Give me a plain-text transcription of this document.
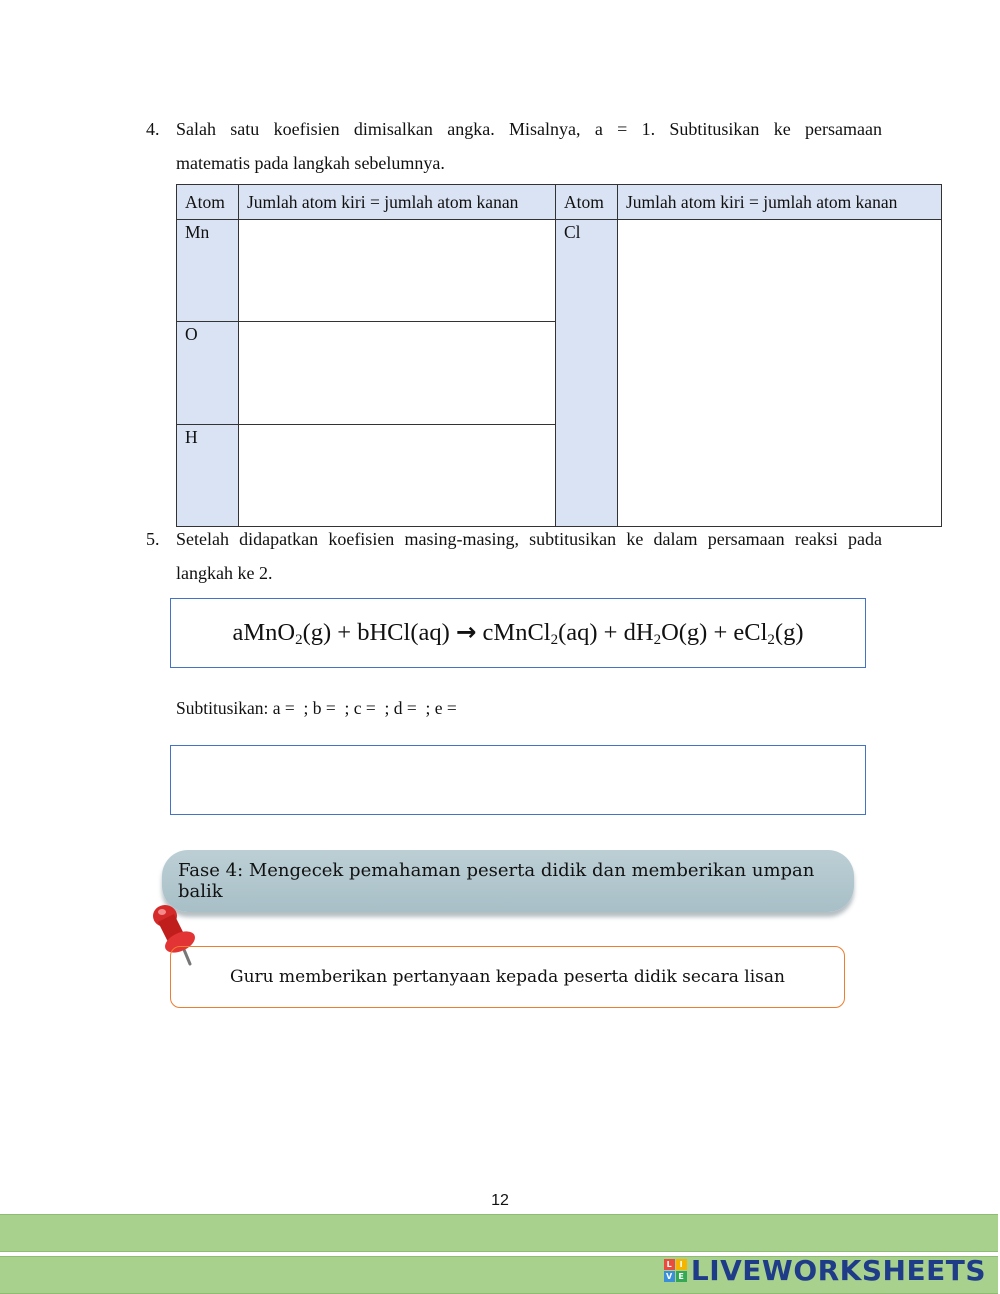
4. Salah satu koefisien dimisalkan angka. Misalnya, a = 1. Subtitusikan ke persamaan
matematis pada langkah sebelumnya.
Atom	Jumlah atom kiri = jumlah atom kanan	Atom	Jumlah atom kiri = jumlah atom kanan
Mn		Cl	
O			
H			
5. Setelah didapatkan koefisien masing-masing, subtitusikan ke dalam persamaan reaksi pada
langkah ke 2.
aMnO$_2$(g) + bHCl(aq) → cMnCl$_2$(aq) + $dH_2O(g) + eCl_2(g)$
Subtitusikan: a =  ; b =  ; c =  ; d =  ; e =
Fase 4: Mengecek pemahaman peserta didik dan memberikan umpan balik
Guru memberikan pertanyaan kepada peserta didik secara lisan
12
L I
V E LIVEWORKSHEETS
